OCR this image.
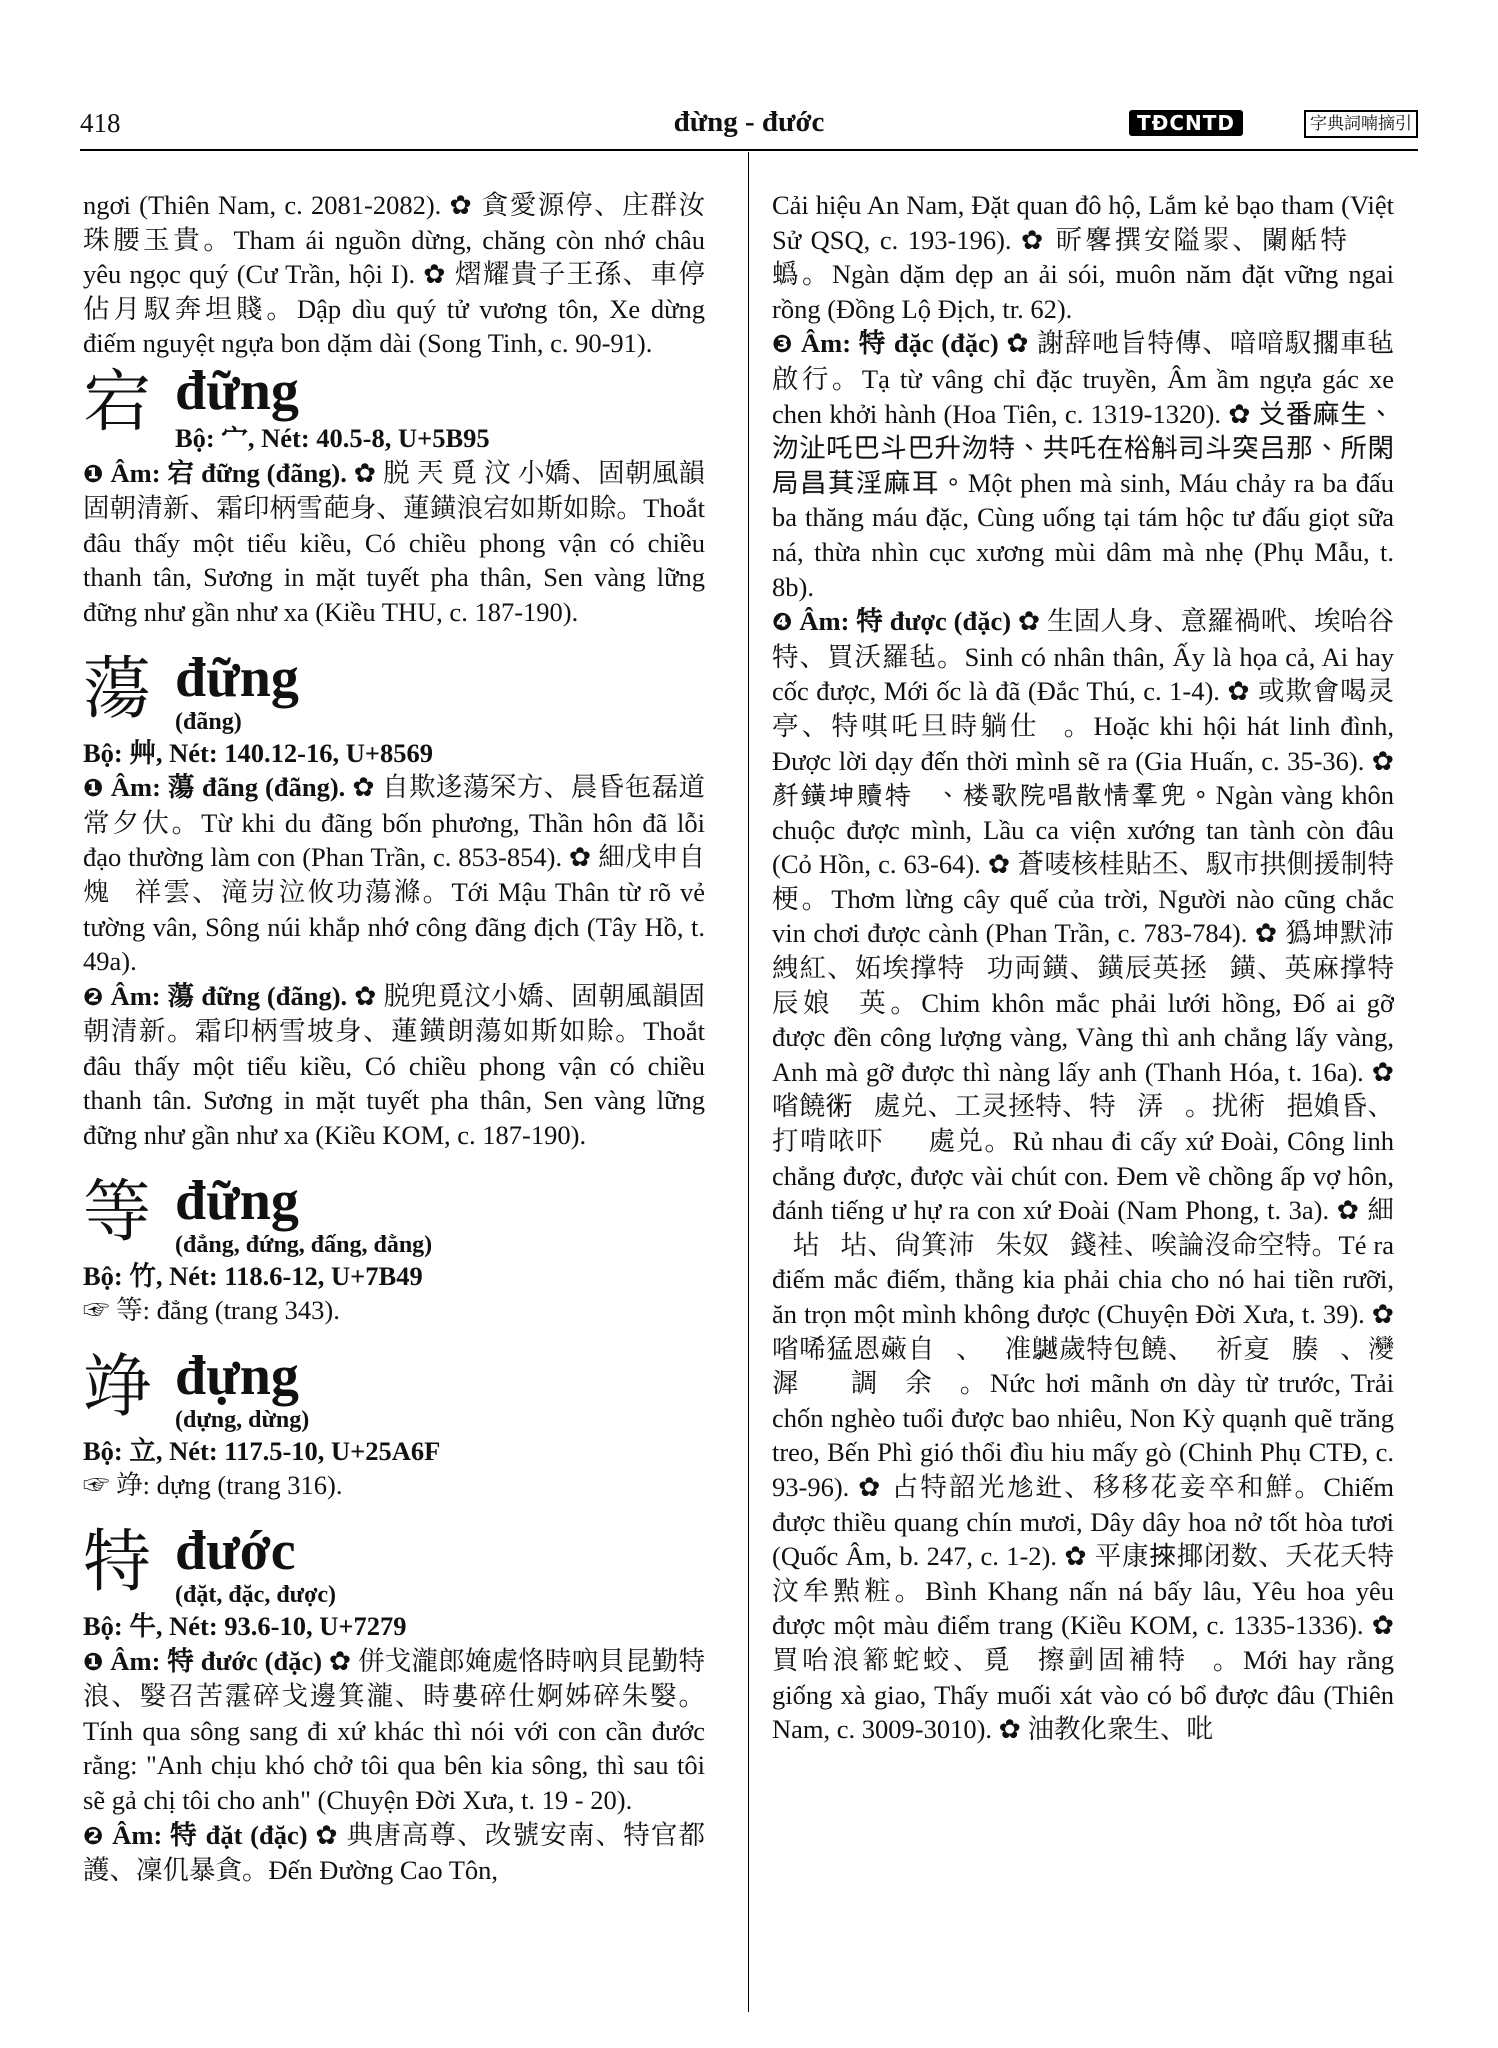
418	đừng - đước	TĐCNTD	字典詞喃摘引

ngơi (Thiên Nam, c. 2081-2082). ✿ 貪愛源停、庄群汝珠腰玉貴。Tham ái nguồn dừng, chăng còn nhớ châu yêu ngọc quý (Cư Trần, hội I). ✿ 熠耀貴子王孫、車停佔月馭奔坦賤。Dập dìu quý tử vương tôn, Xe dừng điếm nguyệt ngựa bon dặm dài (Song Tinh, c. 90-91).

宕 đững
Bộ: 宀, Nét: 40.5-8, U+5B95

❶ Âm: 宕 đững (đãng). ✿ 脱 兲 覓 汶 小嬌、固朝風韻固朝清新、霜印柄雪葩身、蓮鐄浪宕如斯如賒。Thoắt đâu thấy một tiểu kiều, Có chiều phong vận có chiều thanh tân, Sương in mặt tuyết pha thân, Sen vàng lững đững như gần như xa (Kiều THU, c. 187-190).

蕩 đững
(đãng)
Bộ: 艸, Nét: 140.12-16, U+8569

❶ Âm: 蕩 đãng (đãng). ✿ 自欺迻蕩罙方、晨昏㐌磊道常夕㐲。Từ khi du đãng bốn phương, Thần hôn đã lỗi đạo thường làm con (Phan Trần, c. 853-854). ✿ 細戊申自𤌋𤗆祥雲、滝岃泣攸功蕩滌。Tới Mậu Thân từ rõ vẻ tường vân, Sông núi khắp nhớ công đãng địch (Tây Hồ, t. 49a).

❷ Âm: 蕩 đững (đãng). ✿ 脱兜覓汶小嬌、固朝風韻固朝清新。霜印柄雪坡身、蓮鐄朗蕩如斯如賒。Thoắt đâu thấy một tiểu kiều, Có chiều phong vận có chiều thanh tân. Sương in mặt tuyết pha thân, Sen vàng lững đững như gần như xa (Kiều KOM, c. 187-190).

等 đững
(đẳng, đứng, đấng, đằng)
Bộ: 竹, Nét: 118.6-12, U+7B49

☞ 等: đẳng (trang 343).

竫 đựng
(dựng, dừng)
Bộ: 立, Nét: 117.5-10, U+25A6F

☞ 竫: dựng (trang 316).

特 đước
(đặt, đặc, được)
Bộ: 牛, Nét: 93.6-10, U+7279

❶ Âm: 特 đước (đặc) ✿ 併戈瀧郎㛪處恪時吶貝昆勤特浪、嫛召苦霮碎戈邊箕瀧、時婁碎仕婀姊碎朱嫛。Tính qua sông sang đi xứ khác thì nói với con cần đước rằng: "Anh chịu khó chở tôi qua bên kia sông, thì sau tôi sẽ gả chị tôi cho anh" (Chuyện Đời Xưa, t. 19 - 20).

❷ Âm: 特 đặt (đặc) ✿ 典唐高尊、改號安南、特官都護、凜仉暴貪。Đến Đường Cao Tôn,

Cải hiệu An Nam, Đặt quan đô hộ, Lắm kẻ bạo tham (Việt Sử QSQ, c. 193-196). ✿ 㪽𪊲撰安隘𧱄、闌𦧘特𠻀𧋆蟡。Ngàn dặm dẹp an ải sói, muôn năm đặt vững ngai rồng (Đồng Lộ Địch, tr. 62).

❸ Âm: 特 đặc (đặc) ✿ 謝辞吔旨特傳、喑喑馭擱車毡啟行。Tạ từ vâng chỉ đặc truyền, Âm ầm ngựa gác xe chen khởi hành (Hoa Tiên, c. 1319-1320). ✿ 𠬠番麻生、沕沚吒巴斗巴升沕特、共吒在㭲斛司斗突吕那、所閑局昌萁淫麻耳。Một phen mà sinh, Máu chảy ra ba đấu ba thăng máu đặc, Cùng uống tại tám hộc tư đấu giọt sữa ná, thừa nhìn cục xương mùi dâm mà nhẹ (Phụ Mẫu, t. 8b).

❹ Âm: 特 được (đặc) ✿ 生固人身、意羅禍𠰺、埃咍谷特、買沃羅毡。Sinh có nhân thân, Ấy là họa cả, Ai hay cốc được, Mới ốc là đã (Đắc Thú, c. 1-4). ✿ 或欺會喝灵亭、特唭吒旦時躺仕𣈙。Hoặc khi hội hát linh đình, Được lời dạy đến thời mình sẽ ra (Gia Huấn, c. 35-36). ✿ 𠦳鐄坤贖特𨉟、楼歌院唱散情羣兜。Ngàn vàng khôn chuộc được mình, Lầu ca viện xướng tan tành còn đâu (Cỏ Hồn, c. 63-64). ✿ 蒼唛核桂貼丕、馭市拱側援制特梗。Thơm lừng cây quế của trời, Người nào cũng chắc vin chơi được cành (Phan Trần, c. 783-784). ✿ 㺔坤默沛絏紅、妬埃撑特𡢐功両鐄、鐄辰英拯𥙩鐄、英麻撑特辰娘𥙩英。Chim khôn mắc phải lưới hồng, Đố ai gỡ được đền công lượng vàng, Vàng thì anh chẳng lấy vàng, Anh mà gỡ được thì nàng lấy anh (Thanh Hóa, t. 16a). ✿ 㗂饒𧗱𥟉處兑、工灵拯特、特𠃣㳥𢀭。扰術𨓡挹媍昏、打啃𠲖吓𦊚𢀭處兑。Rủ nhau đi cấy xứ Đoài, Công linh chẳng được, được vài chút con. Đem về chồng ấp vợ hôn, đánh tiếng ư hự ra con xứ Đoài (Nam Phong, t. 3a). ✿ 細𠼤坫𡌿坫、尙箕沛𢬣朱奴𠃣錢袿、唉論沒命空特。Té ra điếm mắc điếm, thằng kia phải chia cho nó hai tiền rưỡi, ăn trọn một mình không được (Chuyện Đời Xưa, t. 39). ✿ 㗂唏猛恩𧀒自𣋚、𧿭准𪆧歲特包饒、𡎢祈㚆𡑝腠𢹣、𤅶漽𡎢𡎢調𡁞余𡑝。Nức hơi mãnh ơn dày từ trước, Trải chốn nghèo tuổi được bao nhiêu, Non Kỳ quạnh quẽ trăng treo, Bến Phì gió thổi đìu hiu mấy gò (Chinh Phụ CTĐ, c. 93-96). ✿ 占特韶光𠃩𨑮、移移花妾卒和鮮。Chiếm được thiều quang chín mươi, Dây dây hoa nở tốt hòa tươi (Quốc Âm, b. 247, c. 1-2). ✿ 平康𢯦揶闭数、夭花夭特汶牟㸃粧。Bình Khang nấn ná bấy lâu, Yêu hoa yêu được một màu điểm trang (Kiều KOM, c. 1335-1336). ✿ 買咍浪𥳉蛇蛟、覓𢬭擦𠟍固補特𡗶。Mới hay rằng giống xà giao, Thấy muối xát vào có bổ được đâu (Thiên Nam, c. 3009-3010). ✿ 油教化衆生、吡
